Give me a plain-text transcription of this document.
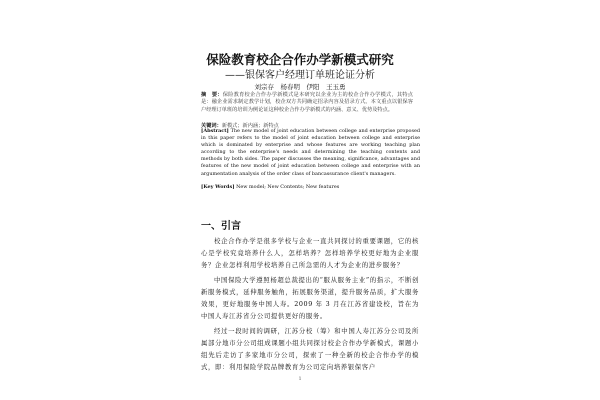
保险教育校企合作办学新模式研究
——银保客户经理订单班论证分析
刘宗存　杨春明　伊阳　王玉勇
摘　要：保险教育校企合作办学新模式是本研究以企业为主的校企合作办学模式，其特点是：融企业需求制定教学计划，校企双方共同确定招录内容及招录方式。本文重点以银保客户经理订单班的培训为例论证这种校企合作办学新模式的内涵、意义、优势及特点。
关键词：新模式；新内涵；新特点
[Abstract] The new model of joint education between college and enterprise proposed in this paper refers to the model of joint education between college and enterprise which is dominated by enterprise and whose features are working teaching plan according to the enterprise's needs and determining the teaching contents and methods by both sides. The paper discusses the meaning, significance, advantages and features of the new model of joint education between college and enterprise with an argumentation analysis of the order class of bancassurance client's managers.
[Key Words] New model; New Contents; New features
一、引言

校企合作办学是很多学校与企业一直共同探讨的重要课题，它的核心是学校究竟培养什么人，怎样培养？怎样培养学校更好地为企业服务？企业怎样利用学校培养自己所急需的人才为企业的进步服务？

中国保险大学遵照杨超总裁提出的“服从服务主业”的指示，不断创新服务模式，延伸服务触角，拓展服务渠道，提升服务品质，扩大服务效果，更好地服务中国人寿。2009 年 3 月在江苏省建设校，旨在为中国人寿江苏省分公司提供更好的服务。

经过一段时间的调研，江苏分校（筹）和中国人寿江苏分公司及所属部分地市分公司组成课题小组共同探讨校企合作办学新模式，课题小组先后走访了多家地市分公司，探索了一种全新的校企合作办学的模式，即：利用保险学院品牌教育为公司定向培养银保客户

1
